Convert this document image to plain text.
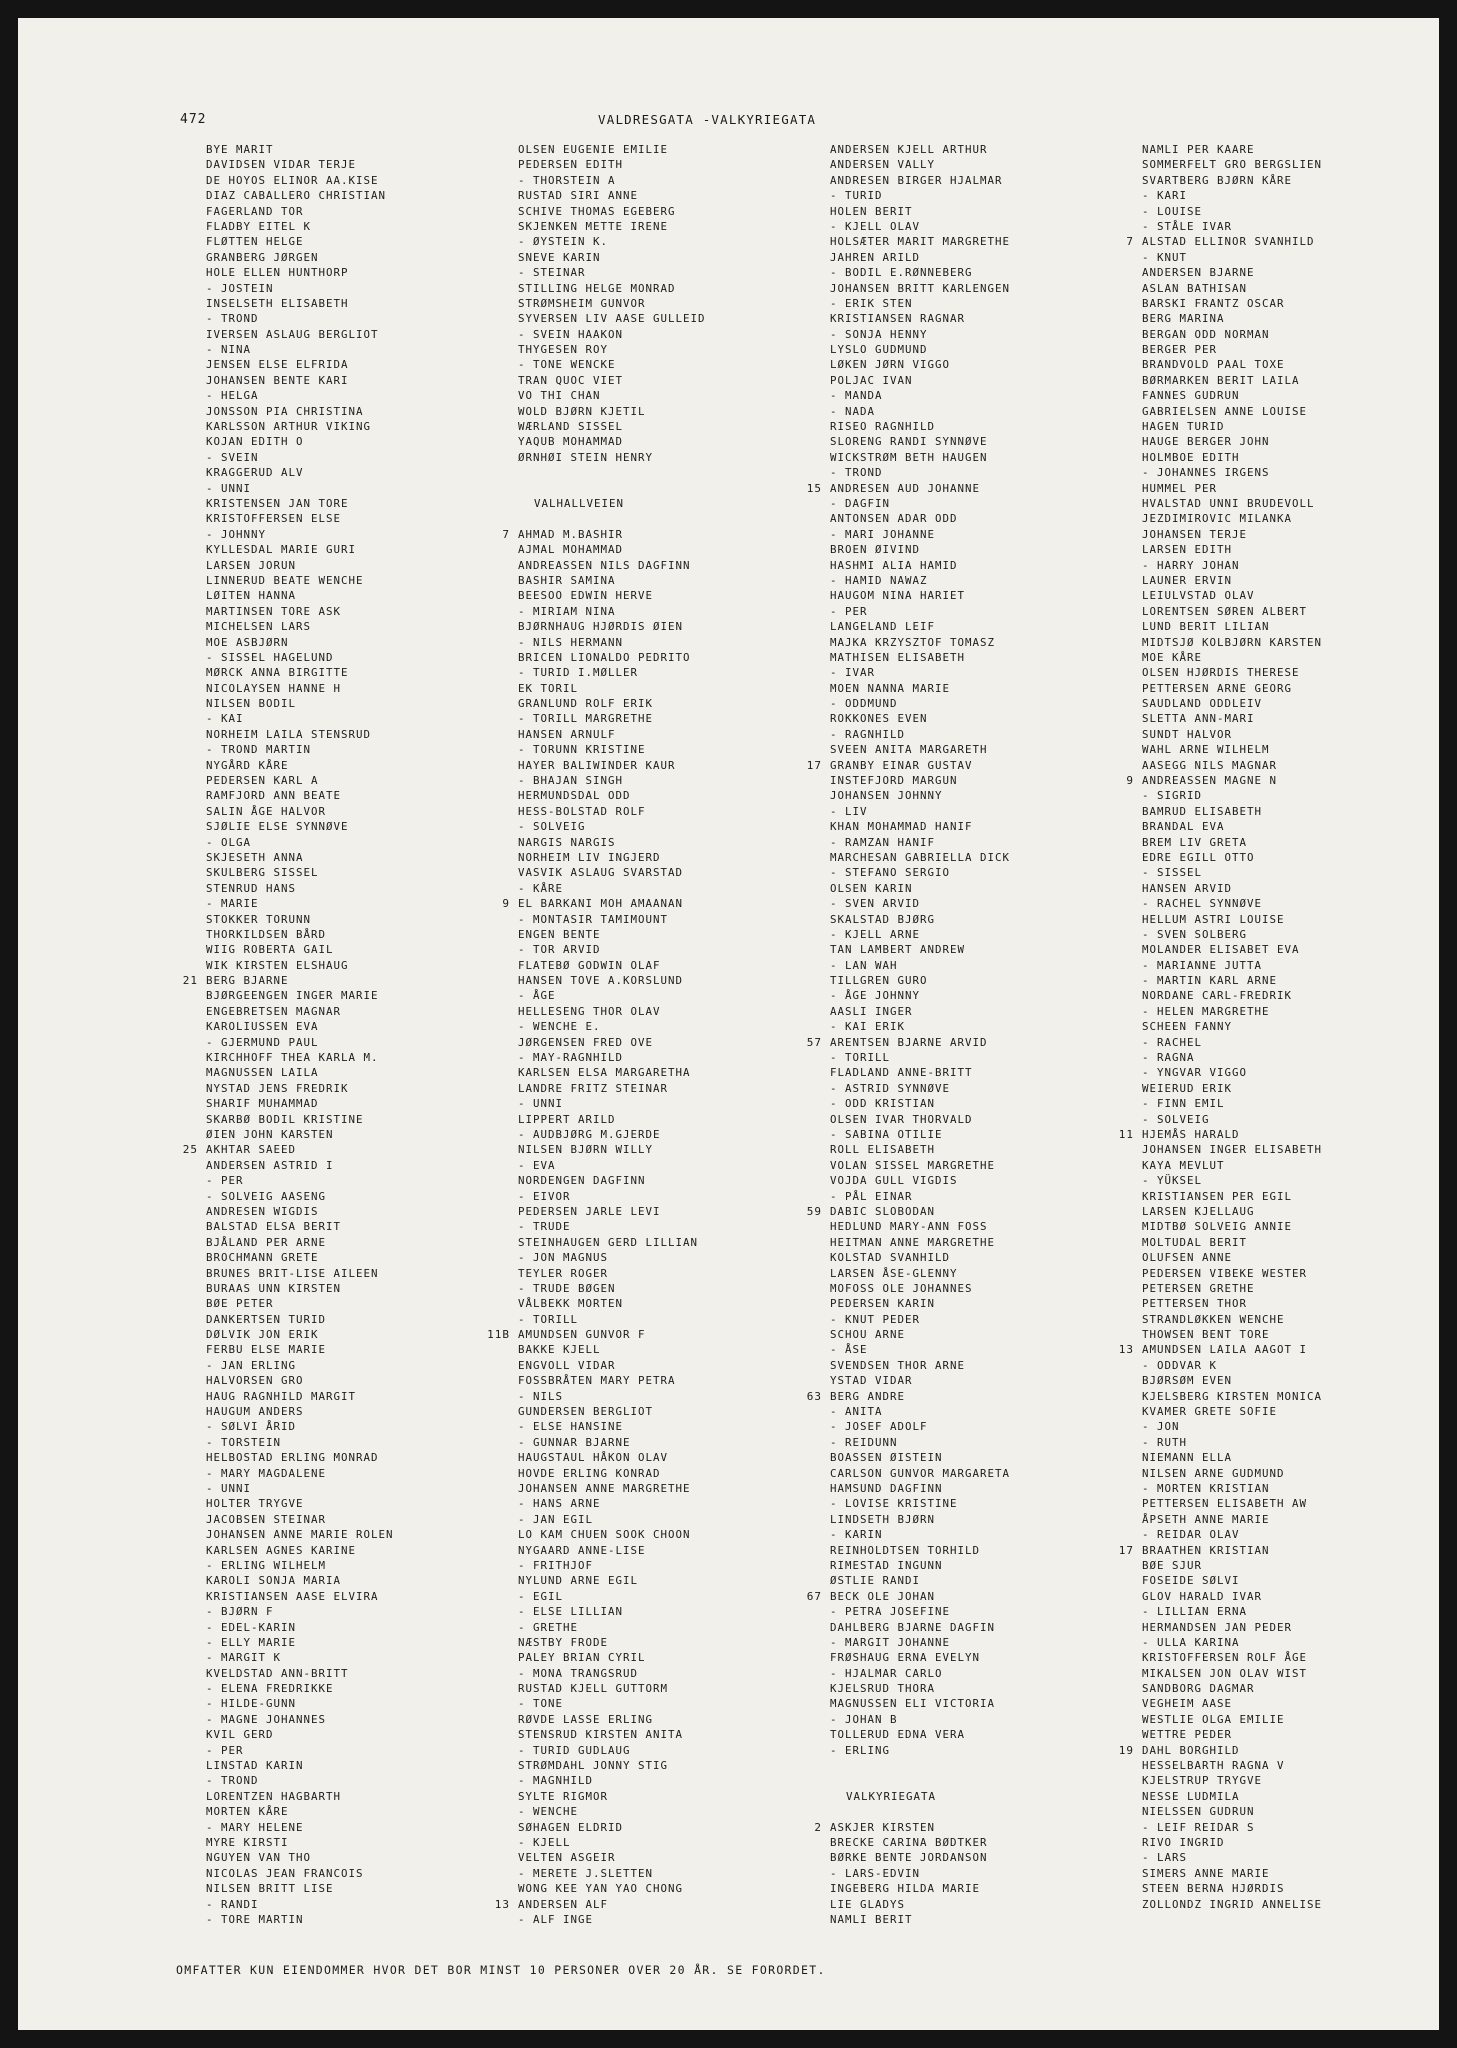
472	VALDRESGATA -VALKYRIEGATA
BYE MARIT
DAVIDSEN VIDAR TERJE
DE HOYOS ELINOR AA.KISE
DIAZ CABALLERO CHRISTIAN
FAGERLAND TOR
FLADBY EITEL K
FLØTTEN HELGE
GRANBERG JØRGEN
HOLE ELLEN HUNTHORP
- JOSTEIN
INSELSETH ELISABETH
- TROND
IVERSEN ASLAUG BERGLIOT
- NINA
JENSEN ELSE ELFRIDA
JOHANSEN BENTE KARI
- HELGA
JONSSON PIA CHRISTINA
KARLSSON ARTHUR VIKING
KOJAN EDITH O
- SVEIN
KRAGGERUD ALV
- UNNI
KRISTENSEN JAN TORE
KRISTOFFERSEN ELSE
- JOHNNY
KYLLESDAL MARIE GURI
LARSEN JORUN
LINNERUD BEATE WENCHE
LØITEN HANNA
MARTINSEN TORE ASK
MICHELSEN LARS
MOE ASBJØRN
- SISSEL HAGELUND
MØRCK ANNA BIRGITTE
NICOLAYSEN HANNE H
NILSEN BODIL
- KAI
NORHEIM LAILA STENSRUD
- TROND MARTIN
NYGÅRD KÅRE
PEDERSEN KARL A
RAMFJORD ANN BEATE
SALIN ÅGE HALVOR
SJØLIE ELSE SYNNØVE
- OLGA
SKJESETH ANNA
SKULBERG SISSEL
STENRUD HANS
- MARIE
STOKKER TORUNN
THORKILDSEN BÅRD
WIIG ROBERTA GAIL
WIK KIRSTEN ELSHAUG
21 BERG BJARNE
BJØRGEENGEN INGER MARIE
ENGEBRETSEN MAGNAR
KAROLIUSSEN EVA
- GJERMUND PAUL
KIRCHHOFF THEA KARLA M.
MAGNUSSEN LAILA
NYSTAD JENS FREDRIK
SHARIF MUHAMMAD
SKARBØ BODIL KRISTINE
ØIEN JOHN KARSTEN
25 AKHTAR SAEED
ANDERSEN ASTRID I
- PER
- SOLVEIG AASENG
ANDRESEN WIGDIS
BALSTAD ELSA BERIT
BJÅLAND PER ARNE
BROCHMANN GRETE
BRUNES BRIT-LISE AILEEN
BURAAS UNN KIRSTEN
BØE PETER
DANKERTSEN TURID
DØLVIK JON ERIK
FERBU ELSE MARIE
- JAN ERLING
HALVORSEN GRO
HAUG RAGNHILD MARGIT
HAUGUM ANDERS
- SØLVI ÅRID
- TORSTEIN
HELBOSTAD ERLING MONRAD
- MARY MAGDALENE
- UNNI
HOLTER TRYGVE
JACOBSEN STEINAR
JOHANSEN ANNE MARIE ROLEN
KARLSEN AGNES KARINE
- ERLING WILHELM
KAROLI SONJA MARIA
KRISTIANSEN AASE ELVIRA
- BJØRN F
- EDEL-KARIN
- ELLY MARIE
- MARGIT K
KVELDSTAD ANN-BRITT
- ELENA FREDRIKKE
- HILDE-GUNN
- MAGNE JOHANNES
KVIL GERD
- PER
LINSTAD KARIN
- TROND
LORENTZEN HAGBARTH
MORTEN KÅRE
- MARY HELENE
MYRE KIRSTI
NGUYEN VAN THO
NICOLAS JEAN FRANCOIS
NILSEN BRITT LISE
- RANDI
- TORE MARTIN
OLSEN EUGENIE EMILIE
PEDERSEN EDITH
- THORSTEIN A
RUSTAD SIRI ANNE
SCHIVE THOMAS EGEBERG
SKJENKEN METTE IRENE
- ØYSTEIN K.
SNEVE KARIN
- STEINAR
STILLING HELGE MONRAD
STRØMSHEIM GUNVOR
SYVERSEN LIV AASE GULLEID
- SVEIN HAAKON
THYGESEN ROY
- TONE WENCKE
TRAN QUOC VIET
VO THI CHAN
WOLD BJØRN KJETIL
WÆRLAND SISSEL
YAQUB MOHAMMAD
ØRNHØI STEIN HENRY
VALHALLVEIEN
7 AHMAD M.BASHIR
AJMAL MOHAMMAD
ANDREASSEN NILS DAGFINN
BASHIR SAMINA
BEESOO EDWIN HERVE
- MIRIAM NINA
BJØRNHAUG HJØRDIS ØIEN
- NILS HERMANN
BRICEN LIONALDO PEDRITO
- TURID I.MØLLER
EK TORIL
GRANLUND ROLF ERIK
- TORILL MARGRETHE
HANSEN ARNULF
- TORUNN KRISTINE
HAYER BALIWINDER KAUR
- BHAJAN SINGH
HERMUNDSDAL ODD
HESS-BOLSTAD ROLF
- SOLVEIG
NARGIS NARGIS
NORHEIM LIV INGJERD
VASVIK ASLAUG SVARSTAD
- KÅRE
9 EL BARKANI MOH AMAANAN
- MONTASIR TAMIMOUNT
ENGEN BENTE
- TOR ARVID
FLATEBØ GODWIN OLAF
HANSEN TOVE A.KORSLUND
- ÅGE
HELLESENG THOR OLAV
- WENCHE E.
JØRGENSEN FRED OVE
- MAY-RAGNHILD
KARLSEN ELSA MARGARETHA
LANDRE FRITZ STEINAR
- UNNI
LIPPERT ARILD
- AUDBJØRG M.GJERDE
NILSEN BJØRN WILLY
- EVA
NORDENGEN DAGFINN
- EIVOR
PEDERSEN JARLE LEVI
- TRUDE
STEINHAUGEN GERD LILLIAN
- JON MAGNUS
TEYLER ROGER
- TRUDE BØGEN
VÅLBEKK MORTEN
- TORILL
11B AMUNDSEN GUNVOR F
BAKKE KJELL
ENGVOLL VIDAR
FOSSBRÅTEN MARY PETRA
- NILS
GUNDERSEN BERGLIOT
- ELSE HANSINE
- GUNNAR BJARNE
HAUGSTAUL HÅKON OLAV
HOVDE ERLING KONRAD
JOHANSEN ANNE MARGRETHE
- HANS ARNE
- JAN EGIL
LO KAM CHUEN SOOK CHOON
NYGAARD ANNE-LISE
- FRITHJOF
NYLUND ARNE EGIL
- EGIL
- ELSE LILLIAN
- GRETHE
NÆSTBY FRODE
PALEY BRIAN CYRIL
- MONA TRANGSRUD
RUSTAD KJELL GUTTORM
- TONE
RØVDE LASSE ERLING
STENSRUD KIRSTEN ANITA
- TURID GUDLAUG
STRØMDAHL JONNY STIG
- MAGNHILD
SYLTE RIGMOR
- WENCHE
SØHAGEN ELDRID
- KJELL
VELTEN ASGEIR
- MERETE J.SLETTEN
WONG KEE YAN YAO CHONG
13 ANDERSEN ALF
- ALF INGE
ANDERSEN KJELL ARTHUR
ANDERSEN VALLY
ANDRESEN BIRGER HJALMAR
- TURID
HOLEN BERIT
- KJELL OLAV
HOLSÆTER MARIT MARGRETHE
JAHREN ARILD
- BODIL E.RØNNEBERG
JOHANSEN BRITT KARLENGEN
- ERIK STEN
KRISTIANSEN RAGNAR
- SONJA HENNY
LYSLO GUDMUND
LØKEN JØRN VIGGO
POLJAC IVAN
- MANDA
- NADA
RISEO RAGNHILD
SLORENG RANDI SYNNØVE
WICKSTRØM BETH HAUGEN
- TROND
15 ANDRESEN AUD JOHANNE
- DAGFIN
ANTONSEN ADAR ODD
- MARI JOHANNE
BROEN ØIVIND
HASHMI ALIA HAMID
- HAMID NAWAZ
HAUGOM NINA HARIET
- PER
LANGELAND LEIF
MAJKA KRZYSZTOF TOMASZ
MATHISEN ELISABETH
- IVAR
MOEN NANNA MARIE
- ODDMUND
ROKKONES EVEN
- RAGNHILD
SVEEN ANITA MARGARETH
17 GRANBY EINAR GUSTAV
INSTEFJORD MARGUN
JOHANSEN JOHNNY
- LIV
KHAN MOHAMMAD HANIF
- RAMZAN HANIF
MARCHESAN GABRIELLA DICK
- STEFANO SERGIO
OLSEN KARIN
- SVEN ARVID
SKALSTAD BJØRG
- KJELL ARNE
TAN LAMBERT ANDREW
- LAN WAH
TILLGREN GURO
- ÅGE JOHNNY
AASLI INGER
- KAI ERIK
57 ARENTSEN BJARNE ARVID
- TORILL
FLADLAND ANNE-BRITT
- ASTRID SYNNØVE
- ODD KRISTIAN
OLSEN IVAR THORVALD
- SABINA OTILIE
ROLL ELISABETH
VOLAN SISSEL MARGRETHE
VOJDA GULL VIGDIS
- PÅL EINAR
59 DABIC SLOBODAN
HEDLUND MARY-ANN FOSS
HEITMAN ANNE MARGRETHE
KOLSTAD SVANHILD
LARSEN ÅSE-GLENNY
MOFOSS OLE JOHANNES
PEDERSEN KARIN
- KNUT PEDER
SCHOU ARNE
- ÅSE
SVENDSEN THOR ARNE
YSTAD VIDAR
63 BERG ANDRE
- ANITA
- JOSEF ADOLF
- REIDUNN
BOASSEN ØISTEIN
CARLSON GUNVOR MARGARETA
HAMSUND DAGFINN
- LOVISE KRISTINE
LINDSETH BJØRN
- KARIN
REINHOLDTSEN TORHILD
RIMESTAD INGUNN
ØSTLIE RANDI
67 BECK OLE JOHAN
- PETRA JOSEFINE
DAHLBERG BJARNE DAGFIN
- MARGIT JOHANNE
FRØSHAUG ERNA EVELYN
- HJALMAR CARLO
KJELSRUD THORA
MAGNUSSEN ELI VICTORIA
- JOHAN B
TOLLERUD EDNA VERA
- ERLING
VALKYRIEGATA
2 ASKJER KIRSTEN
BRECKE CARINA BØDTKER
BØRKE BENTE JORDANSON
- LARS-EDVIN
INGEBERG HILDA MARIE
LIE GLADYS
NAMLI BERIT
NAMLI PER KAARE
SOMMERFELT GRO BERGSLIEN
SVARTBERG BJØRN KÅRE
- KARI
- LOUISE
- STÅLE IVAR
7 ALSTAD ELLINOR SVANHILD
- KNUT
ANDERSEN BJARNE
ASLAN BATHISAN
BARSKI FRANTZ OSCAR
BERG MARINA
BERGAN ODD NORMAN
BERGER PER
BRANDVOLD PAAL TOXE
BØRMARKEN BERIT LAILA
FANNES GUDRUN
GABRIELSEN ANNE LOUISE
HAGEN TURID
HAUGE BERGER JOHN
HOLMBOE EDITH
- JOHANNES IRGENS
HUMMEL PER
HVALSTAD UNNI BRUDEVOLL
JEZDIMIROVIC MILANKA
JOHANSEN TERJE
LARSEN EDITH
- HARRY JOHAN
LAUNER ERVIN
LEIULVSTAD OLAV
LORENTSEN SØREN ALBERT
LUND BERIT LILIAN
MIDTSJØ KOLBJØRN KARSTEN
MOE KÅRE
OLSEN HJØRDIS THERESE
PETTERSEN ARNE GEORG
SAUDLAND ODDLEIV
SLETTA ANN-MARI
SUNDT HALVOR
WAHL ARNE WILHELM
AASEGG NILS MAGNAR
9 ANDREASSEN MAGNE N
- SIGRID
BAMRUD ELISABETH
BRANDAL EVA
BREM LIV GRETA
EDRE EGILL OTTO
- SISSEL
HANSEN ARVID
- RACHEL SYNNØVE
HELLUM ASTRI LOUISE
- SVEN SOLBERG
MOLANDER ELISABET EVA
- MARIANNE JUTTA
- MARTIN KARL ARNE
NORDANE CARL-FREDRIK
- HELEN MARGRETHE
SCHEEN FANNY
- RACHEL
- RAGNA
- YNGVAR VIGGO
WEIERUD ERIK
- FINN EMIL
- SOLVEIG
11 HJEMÅS HARALD
JOHANSEN INGER ELISABETH
KAYA MEVLUT
- YÜKSEL
KRISTIANSEN PER EGIL
LARSEN KJELLAUG
MIDTBØ SOLVEIG ANNIE
MOLTUDAL BERIT
OLUFSEN ANNE
PEDERSEN VIBEKE WESTER
PETERSEN GRETHE
PETTERSEN THOR
STRANDLØKKEN WENCHE
THOWSEN BENT TORE
13 AMUNDSEN LAILA AAGOT I
- ODDVAR K
BJØRSØM EVEN
KJELSBERG KIRSTEN MONICA
KVAMER GRETE SOFIE
- JON
- RUTH
NIEMANN ELLA
NILSEN ARNE GUDMUND
- MORTEN KRISTIAN
PETTERSEN ELISABETH AW
ÅPSETH ANNE MARIE
- REIDAR OLAV
17 BRAATHEN KRISTIAN
BØE SJUR
FOSEIDE SØLVI
GLOV HARALD IVAR
- LILLIAN ERNA
HERMANDSEN JAN PEDER
- ULLA KARINA
KRISTOFFERSEN ROLF ÅGE
MIKALSEN JON OLAV WIST
SANDBORG DAGMAR
VEGHEIM AASE
WESTLIE OLGA EMILIE
WETTRE PEDER
19 DAHL BORGHILD
HESSELBARTH RAGNA V
KJELSTRUP TRYGVE
NESSE LUDMILA
NIELSSEN GUDRUN
- LEIF REIDAR S
RIVO INGRID
- LARS
SIMERS ANNE MARIE
STEEN BERNA HJØRDIS
ZOLLONDZ INGRID ANNELISE
OMFATTER KUN EIENDOMMER HVOR DET BOR MINST 10 PERSONER OVER 20 ÅR. SE FORORDET.
